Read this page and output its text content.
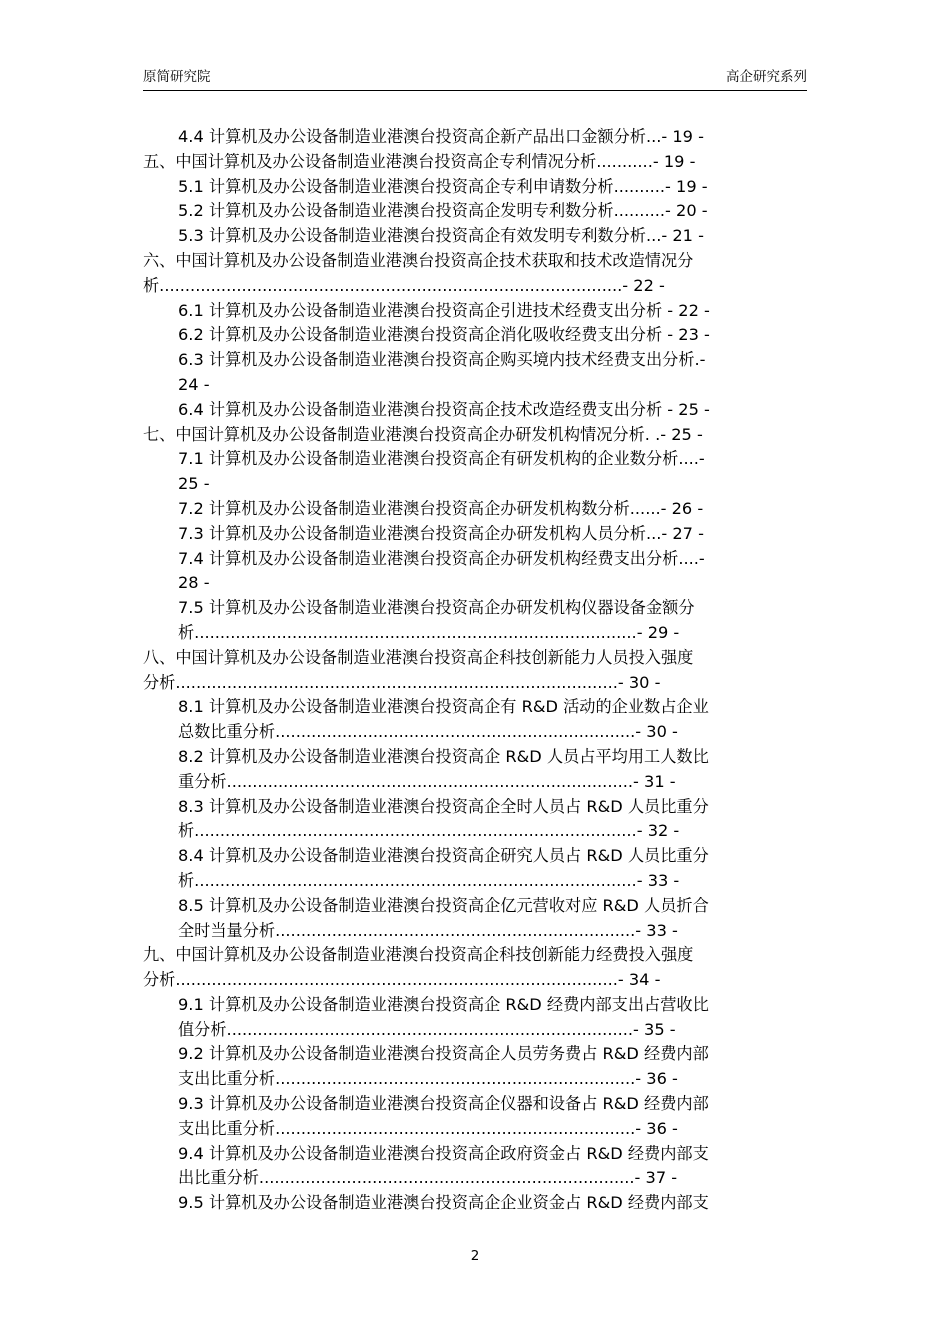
原简研究院	高企研究系列
4.4 计算机及办公设备制造业港澳台投资高企新产品出口金额分析...- 19 -
五、中国计算机及办公设备制造业港澳台投资高企专利情况分析...........- 19 -
5.1 计算机及办公设备制造业港澳台投资高企专利申请数分析..........- 19 -
5.2 计算机及办公设备制造业港澳台投资高企发明专利数分析..........- 20 -
5.3 计算机及办公设备制造业港澳台投资高企有效发明专利数分析...- 21 -
六、中国计算机及办公设备制造业港澳台投资高企技术获取和技术改造情况分
析..........................................................................................- 22 -
6.1 计算机及办公设备制造业港澳台投资高企引进技术经费支出分析 - 22 -
6.2 计算机及办公设备制造业港澳台投资高企消化吸收经费支出分析 - 23 -
6.3 计算机及办公设备制造业港澳台投资高企购买境内技术经费支出分析.-
24 -
6.4 计算机及办公设备制造业港澳台投资高企技术改造经费支出分析 - 25 -
七、中国计算机及办公设备制造业港澳台投资高企办研发机构情况分析. .- 25 -
7.1 计算机及办公设备制造业港澳台投资高企有研发机构的企业数分析....-
25 -
7.2 计算机及办公设备制造业港澳台投资高企办研发机构数分析......- 26 -
7.3 计算机及办公设备制造业港澳台投资高企办研发机构人员分析...- 27 -
7.4 计算机及办公设备制造业港澳台投资高企办研发机构经费支出分析....-
28 -
7.5 计算机及办公设备制造业港澳台投资高企办研发机构仪器设备金额分
析......................................................................................- 29 -
八、中国计算机及办公设备制造业港澳台投资高企科技创新能力人员投入强度
分析......................................................................................- 30 -
8.1 计算机及办公设备制造业港澳台投资高企有 R&D 活动的企业数占企业
总数比重分析......................................................................- 30 -
8.2 计算机及办公设备制造业港澳台投资高企 R&D 人员占平均用工人数比
重分析...............................................................................- 31 -
8.3 计算机及办公设备制造业港澳台投资高企全时人员占 R&D 人员比重分
析......................................................................................- 32 -
8.4 计算机及办公设备制造业港澳台投资高企研究人员占 R&D 人员比重分
析......................................................................................- 33 -
8.5 计算机及办公设备制造业港澳台投资高企亿元营收对应 R&D 人员折合
全时当量分析......................................................................- 33 -
九、中国计算机及办公设备制造业港澳台投资高企科技创新能力经费投入强度
分析......................................................................................- 34 -
9.1 计算机及办公设备制造业港澳台投资高企 R&D 经费内部支出占营收比
值分析...............................................................................- 35 -
9.2 计算机及办公设备制造业港澳台投资高企人员劳务费占 R&D 经费内部
支出比重分析......................................................................- 36 -
9.3 计算机及办公设备制造业港澳台投资高企仪器和设备占 R&D 经费内部
支出比重分析......................................................................- 36 -
9.4 计算机及办公设备制造业港澳台投资高企政府资金占 R&D 经费内部支
出比重分析.........................................................................- 37 -
9.5 计算机及办公设备制造业港澳台投资高企企业资金占 R&D 经费内部支
2
